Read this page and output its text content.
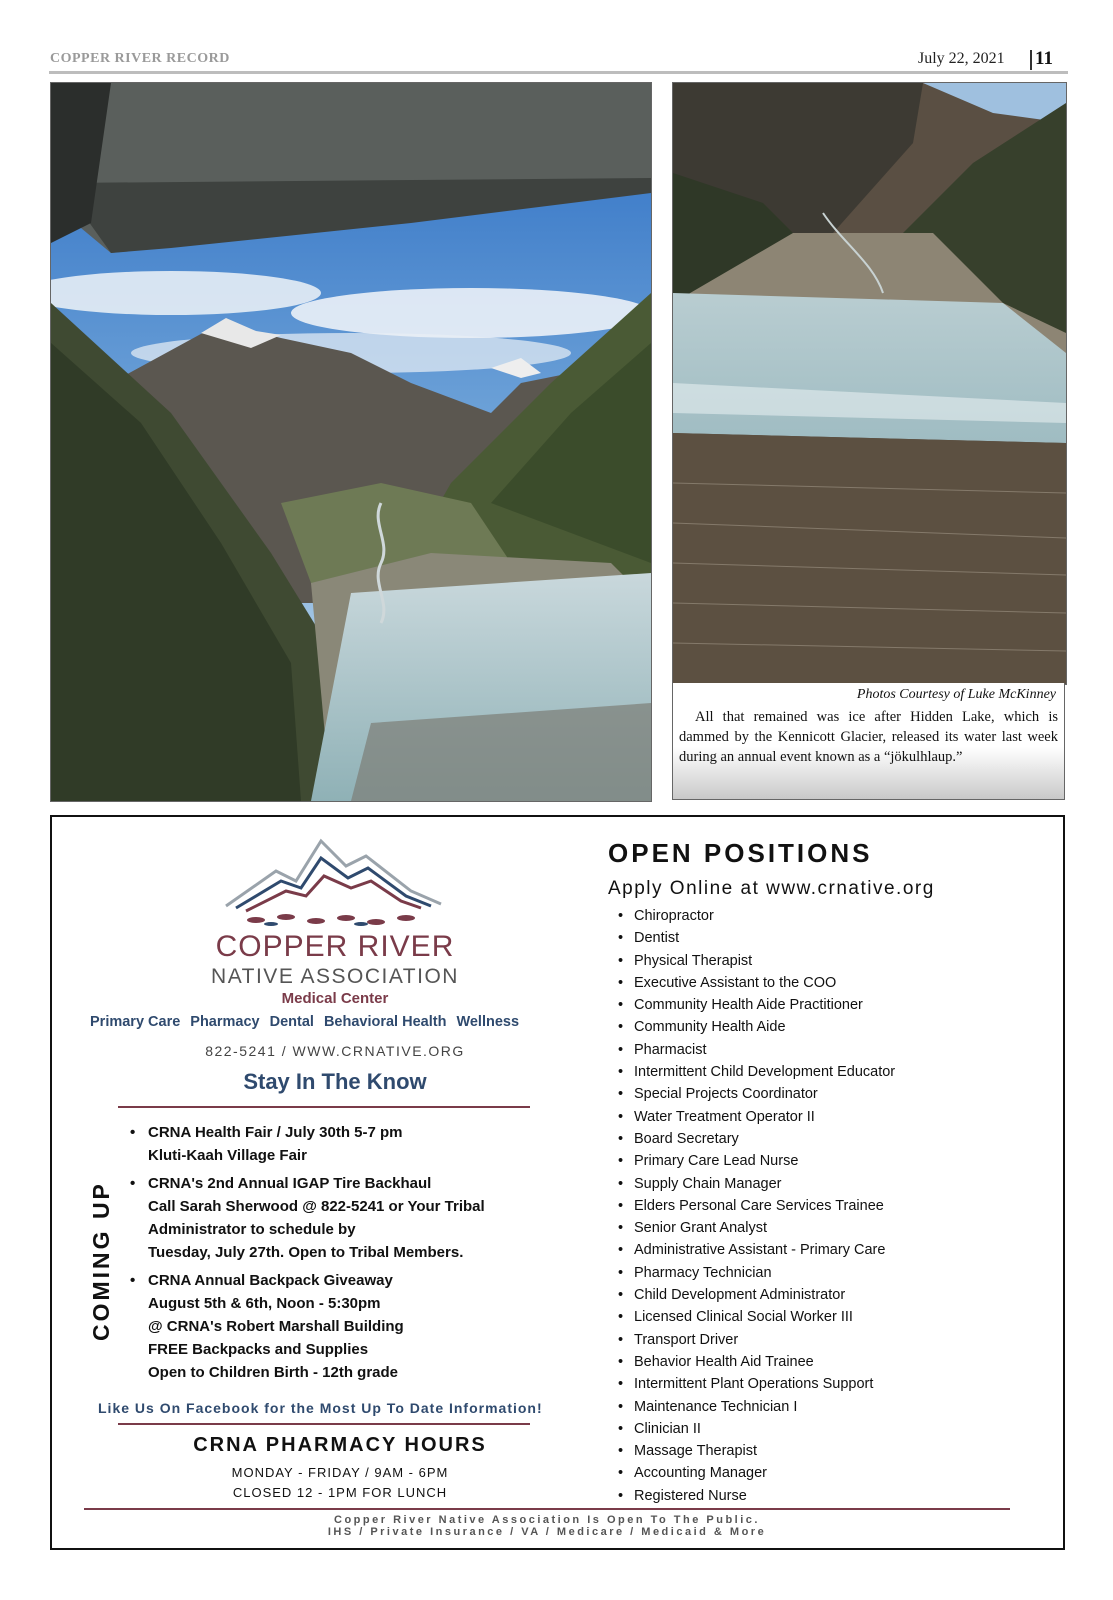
COPPER RIVER RECORD	July 22, 2021 11
Photos Courtesy of Luke McKinney
All that remained was ice after Hidden Lake, which is dammed by the Kennicott Glacier, released its water last week during an annual event known as a “jökulhlaup.”
COPPER RIVER
NATIVE ASSOCIATION
Medical Center
Primary Care Pharmacy Dental Behavioral Health Wellness
822-5241 / WWW.CRNATIVE.ORG
Stay In The Know
COMING UP
• CRNA Health Fair / July 30th 5-7 pm
Kluti-Kaah Village Fair
• CRNA's 2nd Annual IGAP Tire Backhaul
Call Sarah Sherwood @ 822-5241 or Your Tribal
Administrator to schedule by
Tuesday, July 27th. Open to Tribal Members.
• CRNA Annual Backpack Giveaway
August 5th & 6th, Noon - 5:30pm
@ CRNA's Robert Marshall Building
FREE Backpacks and Supplies
Open to Children Birth - 12th grade
Like Us On Facebook for the Most Up To Date Information!
CRNA PHARMACY HOURS
MONDAY - FRIDAY / 9AM - 6PM
CLOSED 12 - 1PM FOR LUNCH
OPEN POSITIONS
Apply Online at www.crnative.org
• Chiropractor
• Dentist
• Physical Therapist
• Executive Assistant to the COO
• Community Health Aide Practitioner
• Community Health Aide
• Pharmacist
• Intermittent Child Development Educator
• Special Projects Coordinator
• Water Treatment Operator II
• Board Secretary
• Primary Care Lead Nurse
• Supply Chain Manager
• Elders Personal Care Services Trainee
• Senior Grant Analyst
• Administrative Assistant - Primary Care
• Pharmacy Technician
• Child Development Administrator
• Licensed Clinical Social Worker III
• Transport Driver
• Behavior Health Aid Trainee
• Intermittent Plant Operations Support
• Maintenance Technician I
• Clinician II
• Massage Therapist
• Accounting Manager
• Registered Nurse
Copper River Native Association Is Open To The Public.
IHS / Private Insurance / VA / Medicare / Medicaid & More
